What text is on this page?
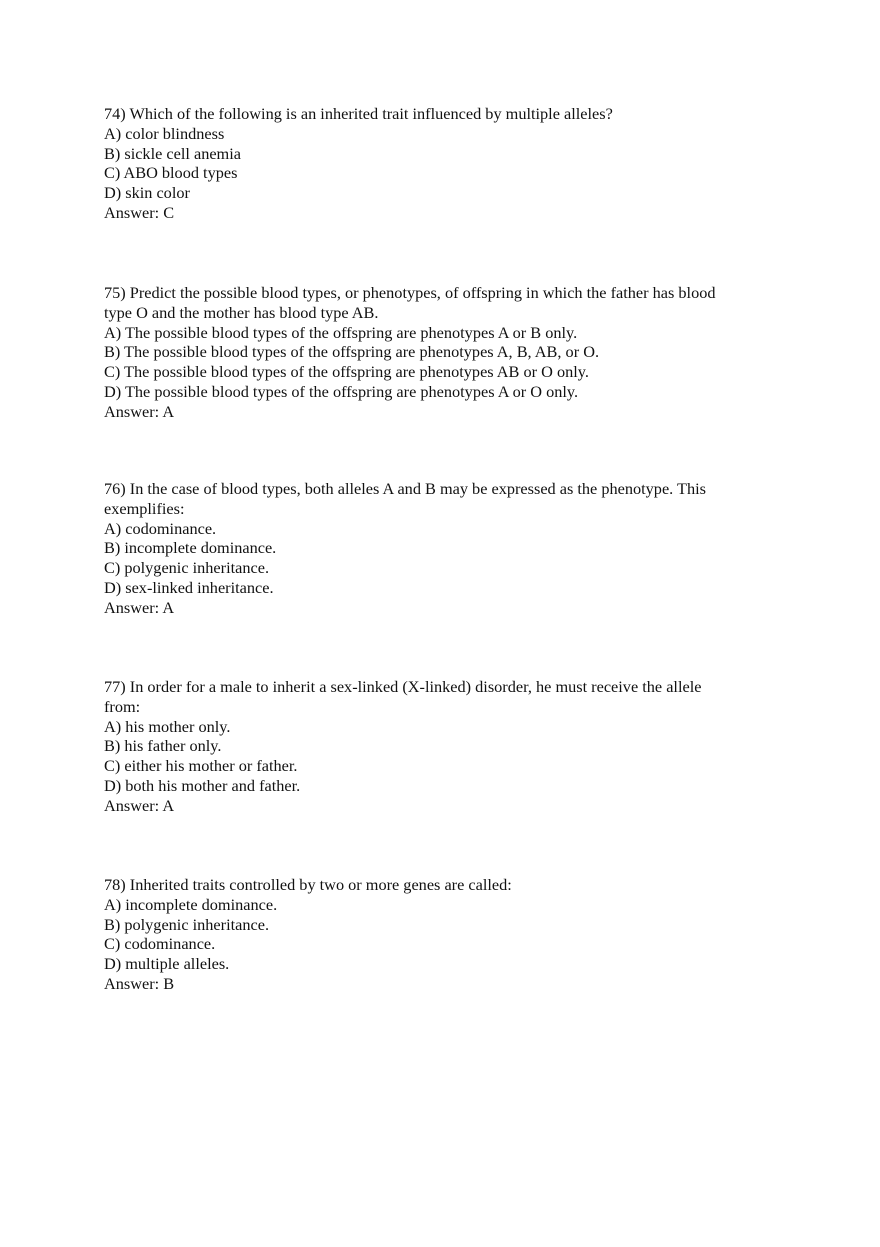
74) Which of the following is an inherited trait influenced by multiple alleles?
A) color blindness
B) sickle cell anemia
C) ABO blood types
D) skin color
Answer: C
75) Predict the possible blood types, or phenotypes, of offspring in which the father has blood
type O and the mother has blood type AB.
A) The possible blood types of the offspring are phenotypes A or B only.
B) The possible blood types of the offspring are phenotypes A, B, AB, or O.
C) The possible blood types of the offspring are phenotypes AB or O only.
D) The possible blood types of the offspring are phenotypes A or O only.
Answer: A
76) In the case of blood types, both alleles A and B may be expressed as the phenotype. This
exemplifies:
A) codominance.
B) incomplete dominance.
C) polygenic inheritance.
D) sex-linked inheritance.
Answer: A
77) In order for a male to inherit a sex-linked (X-linked) disorder, he must receive the allele
from:
A) his mother only.
B) his father only.
C) either his mother or father.
D) both his mother and father.
Answer: A
78) Inherited traits controlled by two or more genes are called:
A) incomplete dominance.
B) polygenic inheritance.
C) codominance.
D) multiple alleles.
Answer: B
